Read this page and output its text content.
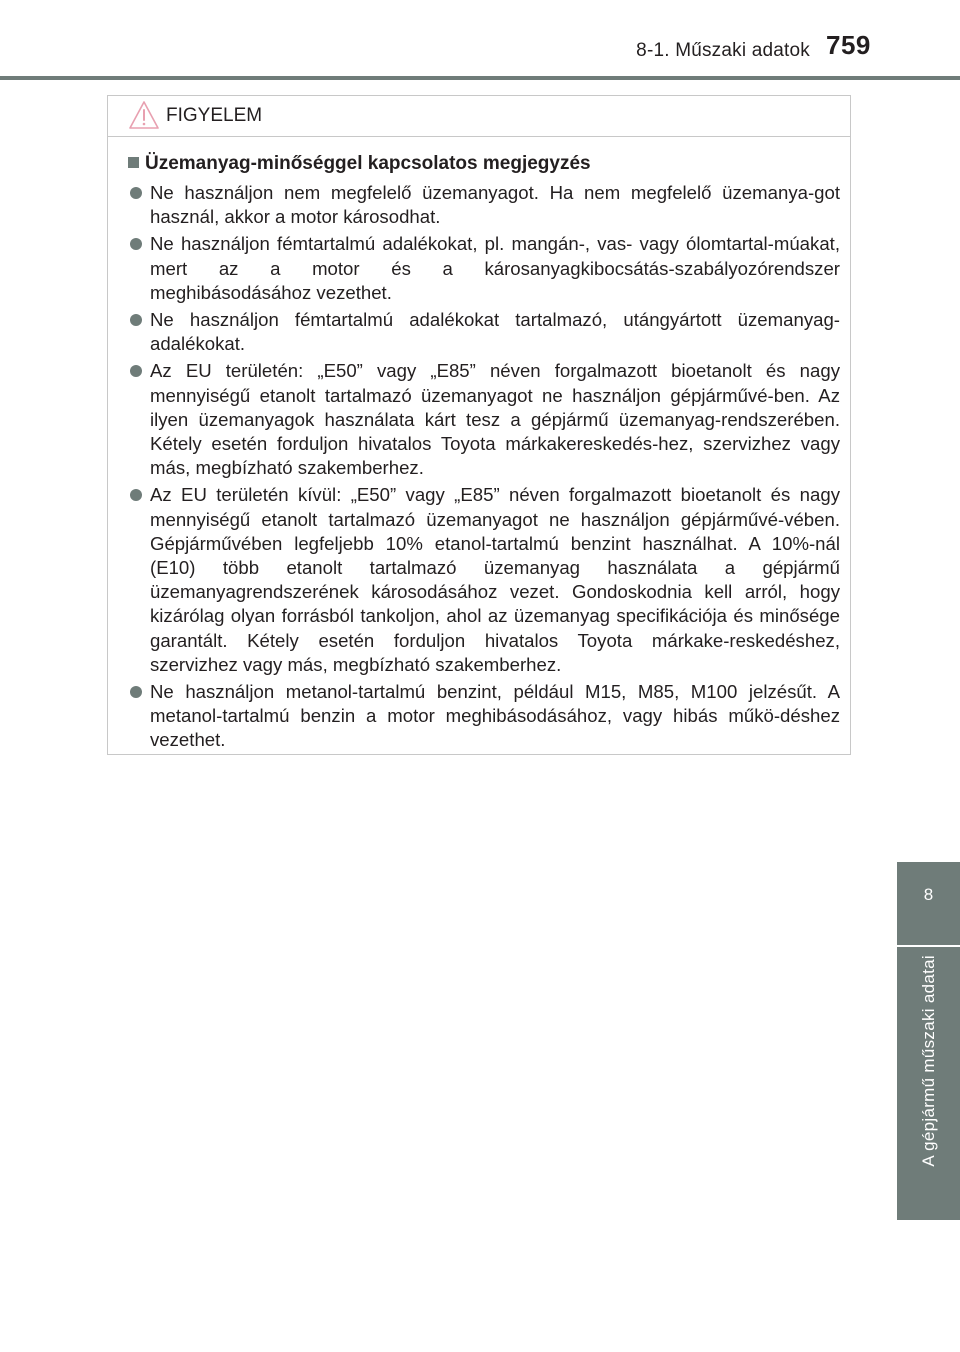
8-1. Műszaki adatok 759
8
A gépjármű műszaki adatai
FIGYELEM
Üzemanyag-minőséggel kapcsolatos megjegyzés
Ne használjon nem megfelelő üzemanyagot. Ha nem megfelelő üzemanya-got használ, akkor a motor károsodhat.
Ne használjon fémtartalmú adalékokat, pl. mangán-, vas- vagy ólomtartal-múakat, mert az a motor és a károsanyagkibocsátás-szabályozórendszer meghibásodásához vezethet.
Ne használjon fémtartalmú adalékokat tartalmazó, utángyártott üzemanyag-adalékokat.
Az EU területén: „E50” vagy „E85” néven forgalmazott bioetanolt és nagy mennyiségű etanolt tartalmazó üzemanyagot ne használjon gépjárművé-ben. Az ilyen üzemanyagok használata kárt tesz a gépjármű üzemanyag-rendszerében. Kétely esetén forduljon hivatalos Toyota márkakereskedés-hez, szervizhez vagy más, megbízható szakemberhez.
Az EU területén kívül: „E50” vagy „E85” néven forgalmazott bioetanolt és nagy mennyiségű etanolt tartalmazó üzemanyagot ne használjon gépjárművé-vében. Gépjárművében legfeljebb 10% etanol-tartalmú benzint használhat. A 10%-nál (E10) több etanolt tartalmazó üzemanyag használata a gépjármű üzemanyagrendszerének károsodásához vezet. Gondoskodnia kell arról, hogy kizárólag olyan forrásból tankoljon, ahol az üzemanyag specifikációja és minősége garantált. Kétely esetén forduljon hivatalos Toyota márkake-reskedéshez, szervizhez vagy más, megbízható szakemberhez.
Ne használjon metanol-tartalmú benzint, például M15, M85, M100 jelzésűt. A metanol-tartalmú benzin a motor meghibásodásához, vagy hibás műkö-déshez vezethet.
